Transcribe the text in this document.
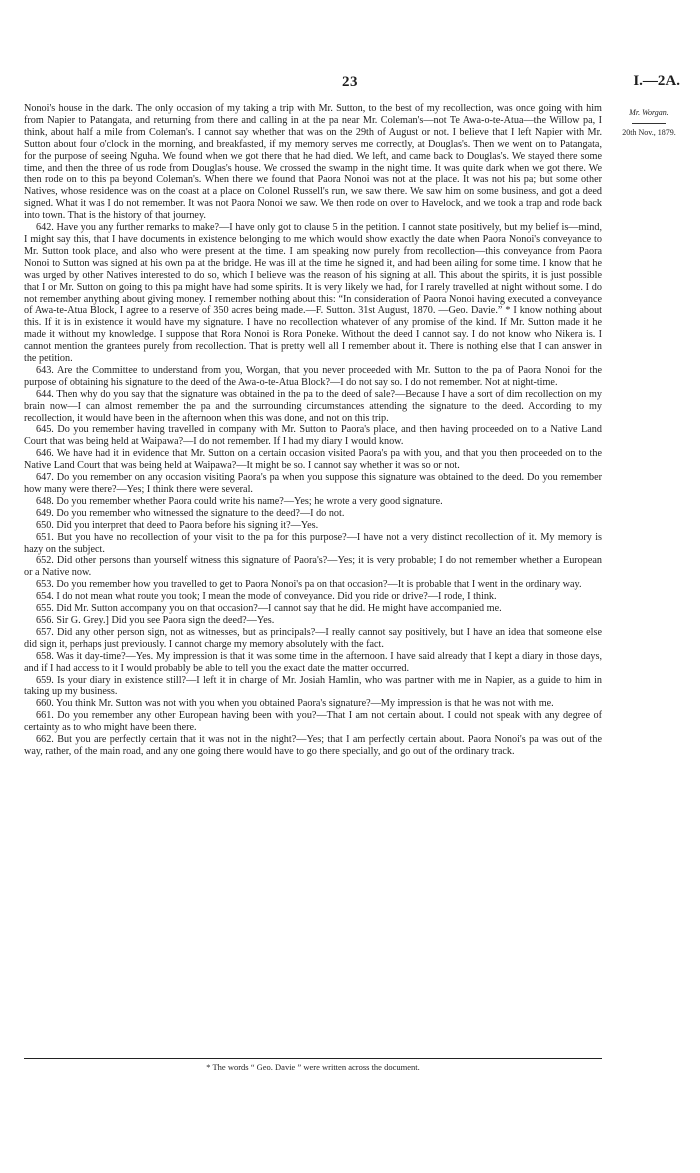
23	I.—2A.
Mr. Worgan.
20th Nov., 1879.

Nonoi's house in the dark. The only occasion of my taking a trip with Mr. Sutton, to the best of my recollection, was once going with him from Napier to Patangata, and returning from there and calling in at the pa near Mr. Coleman's—not Te Awa-o-te-Atua—the Willow pa, I think, about half a mile from Coleman's. I cannot say whether that was on the 29th of August or not. I believe that I left Napier with Mr. Sutton about four o'clock in the morning, and breakfasted, if my memory serves me correctly, at Douglas's. Then we went on to Patangata, for the purpose of seeing Nguha. We found when we got there that he had died. We left, and came back to Douglas's. We stayed there some time, and then the three of us rode from Douglas's house. We crossed the swamp in the night time. It was quite dark when we got there. We then rode on to this pa beyond Coleman's. When there we found that Paora Nonoi was not at the place. It was not his pa; but some other Natives, whose residence was on the coast at a place on Colonel Russell's run, we saw there. We saw him on some business, and got a deed signed. What it was I do not remember. It was not Paora Nonoi we saw. We then rode on over to Havelock, and we took a trap and rode back into town. That is the history of that journey.

642. Have you any further remarks to make?—I have only got to clause 5 in the petition. I cannot state positively, but my belief is—mind, I might say this, that I have documents in existence belonging to me which would show exactly the date when Paora Nonoi's conveyance to Mr. Sutton took place, and also who were present at the time. I am speaking now purely from recollection—this conveyance from Paora Nonoi to Sutton was signed at his own pa at the bridge. He was ill at the time he signed it, and had been ailing for some time. I know that he was urged by other Natives interested to do so, which I believe was the reason of his signing at all. This about the spirits, it is just possible that I or Mr. Sutton on going to this pa might have had some spirits. It is very likely we had, for I rarely travelled at night without some. I do not remember anything about giving money. I remember nothing about this: “In consideration of Paora Nonoi having executed a conveyance of Awa-te-Atua Block, I agree to a reserve of 350 acres being made.—F. Sutton. 31st August, 1870. —Geo. Davie.” * I know nothing about this. If it is in existence it would have my signature. I have no recollection whatever of any promise of the kind. If Mr. Sutton made it he made it without my knowledge. I suppose that Rora Nonoi is Rora Poneke. Without the deed I cannot say. I do not know who Nikera is. I cannot mention the grantees purely from recollection. That is pretty well all I remember about it. There is nothing else that I can answer in the petition.

643. Are the Committee to understand from you, Worgan, that you never proceeded with Mr. Sutton to the pa of Paora Nonoi for the purpose of obtaining his signature to the deed of the Awa-o-te-Atua Block?—I do not say so. I do not remember. Not at night-time.

644. Then why do you say that the signature was obtained in the pa to the deed of sale?—Because I have a sort of dim recollection on my brain now—I can almost remember the pa and the surrounding circumstances attending the signature to the deed. According to my recollection, it would have been in the afternoon when this was done, and not on this trip.

645. Do you remember having travelled in company with Mr. Sutton to Paora's place, and then having proceeded on to a Native Land Court that was being held at Waipawa?—I do not remember. If I had my diary I would know.

646. We have had it in evidence that Mr. Sutton on a certain occasion visited Paora's pa with you, and that you then proceeded on to the Native Land Court that was being held at Waipawa?—It might be so. I cannot say whether it was so or not.

647. Do you remember on any occasion visiting Paora's pa when you suppose this signature was obtained to the deed. Do you remember how many were there?—Yes; I think there were several.

648. Do you remember whether Paora could write his name?—Yes; he wrote a very good signature.

649. Do you remember who witnessed the signature to the deed?—I do not.

650. Did you interpret that deed to Paora before his signing it?—Yes.

651. But you have no recollection of your visit to the pa for this purpose?—I have not a very distinct recollection of it. My memory is hazy on the subject.

652. Did other persons than yourself witness this signature of Paora's?—Yes; it is very probable; I do not remember whether a European or a Native now.

653. Do you remember how you travelled to get to Paora Nonoi's pa on that occasion?—It is probable that I went in the ordinary way.

654. I do not mean what route you took; I mean the mode of conveyance. Did you ride or drive?—I rode, I think.

655. Did Mr. Sutton accompany you on that occasion?—I cannot say that he did. He might have accompanied me.

656. Sir G. Grey.] Did you see Paora sign the deed?—Yes.

657. Did any other person sign, not as witnesses, but as principals?—I really cannot say positively, but I have an idea that someone else did sign it, perhaps just previously. I cannot charge my memory absolutely with the fact.

658. Was it day-time?—Yes. My impression is that it was some time in the afternoon. I have said already that I kept a diary in those days, and if I had access to it I would probably be able to tell you the exact date the matter occurred.

659. Is your diary in existence still?—I left it in charge of Mr. Josiah Hamlin, who was partner with me in Napier, as a guide to him in taking up my business.

660. You think Mr. Sutton was not with you when you obtained Paora's signature?—My impression is that he was not with me.

661. Do you remember any other European having been with you?—That I am not certain about. I could not speak with any degree of certainty as to who might have been there.

662. But you are perfectly certain that it was not in the night?—Yes; that I am perfectly certain about. Paora Nonoi's pa was out of the way, rather, of the main road, and any one going there would have to go there specially, and go out of the ordinary track.

* The words “ Geo. Davie ” were written across the document.
